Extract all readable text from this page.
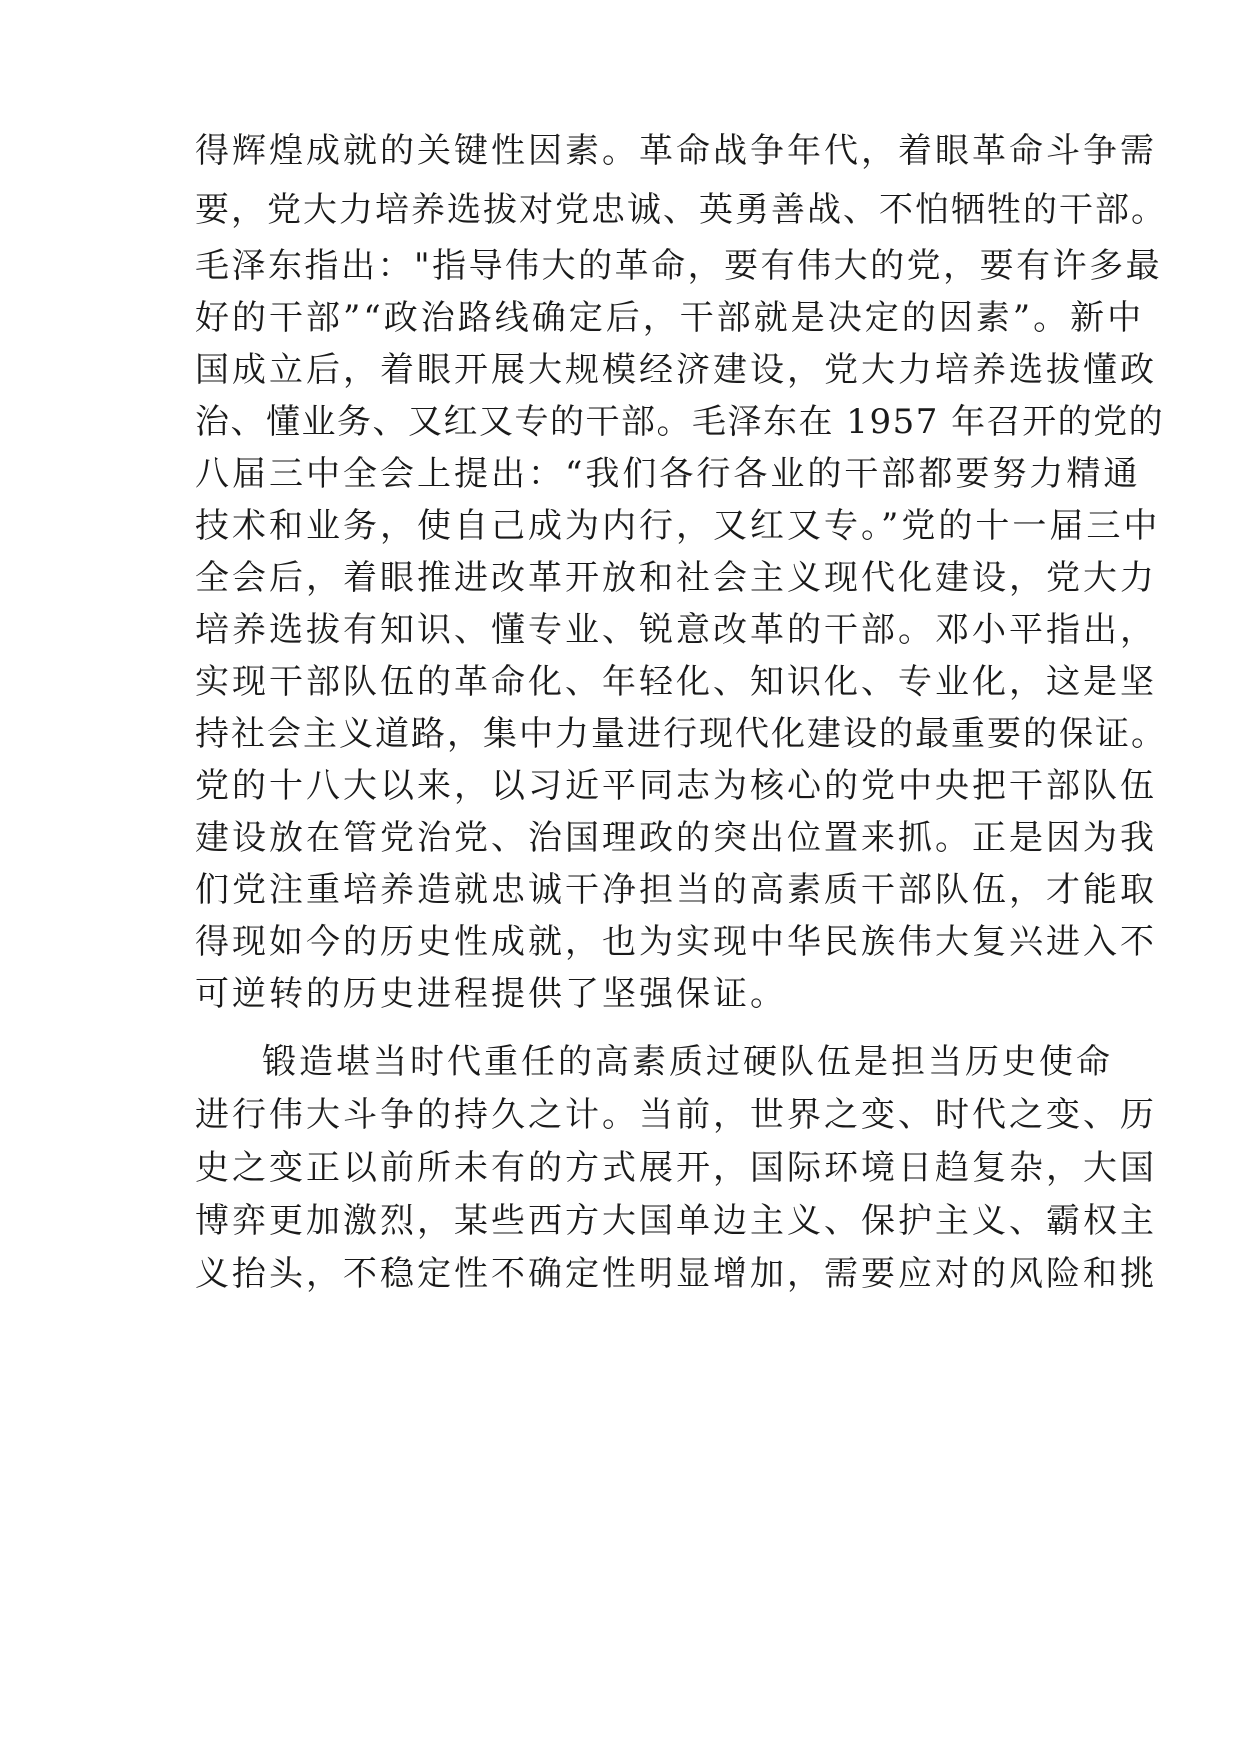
得辉煌成就的关键性因素。革命战争年代，着眼革命斗争需
要，党大力培养选拔对党忠诚、英勇善战、不怕牺牲的干部。
毛泽东指出："指导伟大的革命，要有伟大的党，要有许多最
好的干部”“政治路线确定后，干部就是决定的因素”。新中
国成立后，着眼开展大规模经济建设，党大力培养选拔懂政
治、懂业务、又红又专的干部。毛泽东在 1957 年召开的党的
八届三中全会上提出：“我们各行各业的干部都要努力精通
技术和业务，使自己成为内行，又红又专。”党的十一届三中
全会后，着眼推进改革开放和社会主义现代化建设，党大力
培养选拔有知识、懂专业、锐意改革的干部。邓小平指出，
实现干部队伍的革命化、年轻化、知识化、专业化，这是坚
持社会主义道路，集中力量进行现代化建设的最重要的保证。
党的十八大以来，以习近平同志为核心的党中央把干部队伍
建设放在管党治党、治国理政的突出位置来抓。正是因为我
们党注重培养造就忠诚干净担当的高素质干部队伍，才能取
得现如今的历史性成就，也为实现中华民族伟大复兴进入不
可逆转的历史进程提供了坚强保证。
锻造堪当时代重任的高素质过硬队伍是担当历史使命
进行伟大斗争的持久之计。当前，世界之变、时代之变、历
史之变正以前所未有的方式展开，国际环境日趋复杂，大国
博弈更加激烈，某些西方大国单边主义、保护主义、霸权主
义抬头，不稳定性不确定性明显增加，需要应对的风险和挑
